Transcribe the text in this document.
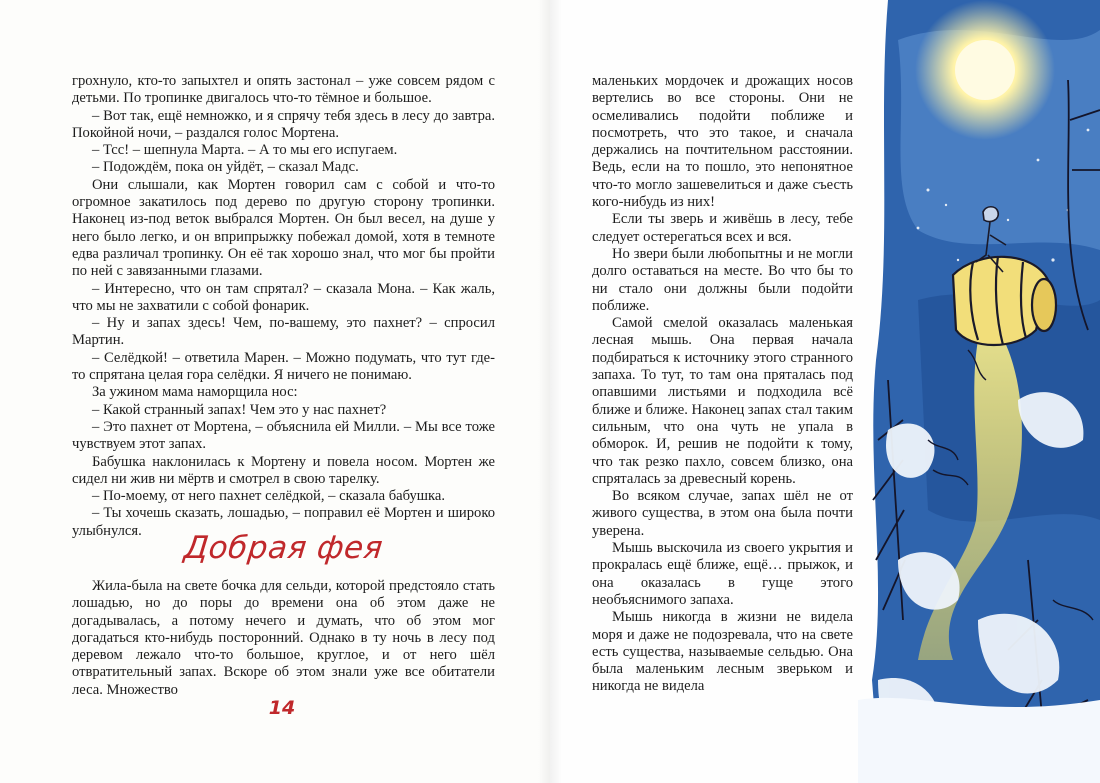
грохнуло, кто-то запыхтел и опять застонал – уже совсем рядом с детьми. По тропинке двигалось что-то тёмное и большое.

– Вот так, ещё немножко, и я спрячу тебя здесь в лесу до завтра. Покойной ночи, – раздался голос Мортена.

– Тсс! – шепнула Марта. – А то мы его испугаем.

– Подождём, пока он уйдёт, – сказал Мадс.

Они слышали, как Мортен говорил сам с собой и что-то огромное закатилось под дерево по другую сторону тропинки. Наконец из-под веток выбрался Мортен. Он был весел, на душе у него было легко, и он вприпрыжку побежал домой, хотя в темноте едва различал тропинку. Он её так хорошо знал, что мог бы пройти по ней с завязанными глазами.

– Интересно, что он там спрятал? – сказала Мона. – Как жаль, что мы не захватили с собой фонарик.

– Ну и запах здесь! Чем, по-вашему, это пахнет? – спросил Мартин.

– Селёдкой! – ответила Марен. – Можно подумать, что тут где-то спрятана целая гора селёдки. Я ничего не понимаю.

За ужином мама наморщила нос:

– Какой странный запах! Чем это у нас пахнет?

– Это пахнет от Мортена, – объяснила ей Милли. – Мы все тоже чувствуем этот запах.

Бабушка наклонилась к Мортену и повела носом. Мортен же сидел ни жив ни мёртв и смотрел в свою тарелку.

– По-моему, от него пахнет селёдкой, – сказала бабушка.

– Ты хочешь сказать, лошадью, – поправил её Мортен и широко улыбнулся.	Добрая фея

Жила-была на свете бочка для сельди, которой предстояло стать лошадью, но до поры до времени она об этом даже не догадывалась, а потому нечего и думать, что об этом мог догадаться кто-нибудь посторонний. Однако в ту ночь в лесу под деревом лежало что-то большое, круглое, и от него шёл отвратительный запах. Вскоре об этом знали уже все обитатели леса. Множество

14

маленьких мордочек и дрожащих носов вертелись во все стороны. Они не осмеливались подойти поближе и посмотреть, что это такое, и сначала держались на почтительном расстоянии. Ведь, если на то пошло, это непонятное что-то могло зашевелиться и даже съесть кого-нибудь из них!

Если ты зверь и живёшь в лесу, тебе следует остерегаться всех и вся.

Но звери были любопытны и не могли долго оставаться на месте. Во что бы то ни стало они должны были подойти поближе.

Самой смелой оказалась маленькая лесная мышь. Она первая начала подбираться к источнику этого странного запаха. То тут, то там она пряталась под опавшими листьями и подходила всё ближе и ближе. Наконец запах стал таким сильным, что она чуть не упала в обморок. И, решив не подойти к тому, что так резко пахло, совсем близко, она спряталась за древесный корень.

Во всяком случае, запах шёл не от живого существа, в этом она была почти уверена.

Мышь выскочила из своего укрытия и прокралась ещё ближе, ещё… прыжок, и она оказалась в гуще этого необъяснимого запаха.

Мышь никогда в жизни не видела моря и даже не подозревала, что на свете есть существа, называемые сельдью. Она была маленьким лесным зверьком и никогда не видела
